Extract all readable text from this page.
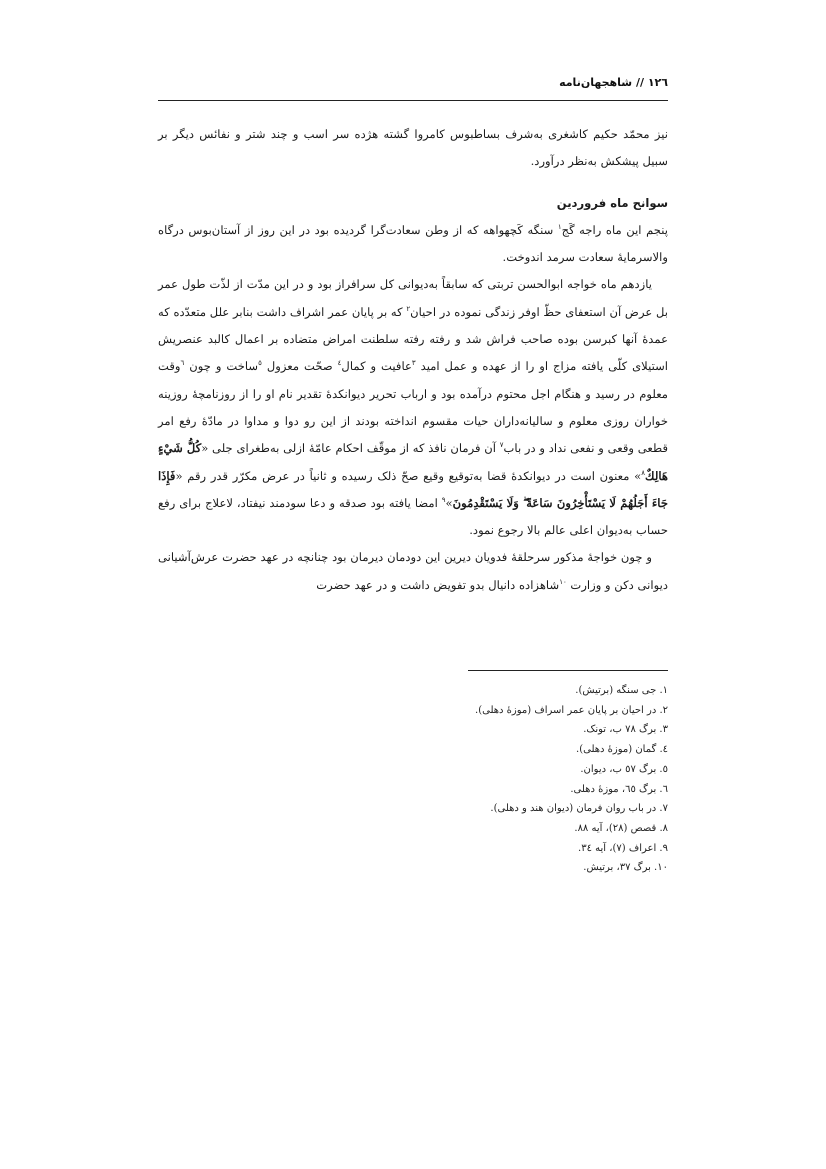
١٢٦ // شاهجهان‌نامه

نیز محمّد حکیم کاشغری به‌شرف بساطبوس کامروا گشته هژده سر اسب و چند شتر و نفائس دیگر بر سبیل پیشکش به‌نظر درآورد.

سوانح ماه فروردین

پنجم این ماه راجه گَج$^١$ سنگه کَچهواهه که از وطن سعادت‌گرا گردیده بود در این روز از آستان‌بوس درگاه والاسرمایهٔ سعادت سرمد اندوخت.

یازدهم ماه خواجه ابوالحسن تربتی که سابقاً به‌دیوانی کل سرافراز بود و در این مدّت از لذّت طول عمر بل عرض آن استعفای حظّ اوفر زندگی نموده در احیان$^٢$ که بر پایان عمر اشراف داشت بنابر علل متعدّده که عمدهٔ آنها کبرسن بوده صاحب فراش شد و رفته رفته سلطنت امراض متضاده بر اعمال کالبد عنصریش استیلای کلّی یافته مزاج او را از عهده و عمل امید $^٣$عافیت و کمال$^٤$ صحّت معزول $^٥$ساخت و چون $^٦$وقت معلوم در رسید و هنگام اجل محتوم درآمده بود و ارباب تحریر دیوانکدهٔ تقدیر نام او را از روزنامچهٔ روزینه خواران روزی معلوم و سالیانه‌داران حیات مقسوم انداخته بودند از این رو دوا و مداوا در مادّهٔ رفع امر قطعی وقعی و نفعی نداد و در باب$^٧$ آن فرمان نافذ که از موقّف احکام عامّهٔ ازلی به‌طغرای جلی «كُلُّ شَيْءٍ هَالِكٌ$^٨$» معنون است در دیوانکدهٔ قضا به‌توقیع وقیع صحّ ذلک رسیده و ثانیاً در عرض مکرّر قدر رقم «فَإِذَا جَاءَ أَجَلُهُمْ لَا يَسْتَأْخِرُونَ سَاعَةً ۖ وَلَا يَسْتَقْدِمُونَ»$^٩$ امضا یافته بود صدقه و دعا سودمند نیفتاد، لاعلاج برای رفع حساب به‌دیوان اعلی عالم بالا رجوع نمود.

و چون خواجهٔ مذکور سرحلقهٔ فدویان دیرین این دودمان دیرمان بود چنانچه در عهد حضرت عرش‌آشیانی دیوانی دکن و وزارت $^{١٠}$شاهزاده دانیال بدو تفویض داشت و در عهد حضرت

١. جی سنگه (برتیش).
٢. در احیان بر پایان عمر اسراف (موزهٔ دهلی).
٣. برگ ٧٨ ب، تونک.
٤. گمان (موزهٔ دهلی).
٥. برگ ٥٧ ب، دیوان.
٦. برگ ٦٥، موزهٔ دهلی.
٧. در باب روان فرمان (دیوان هند و دهلی).
٨. قصص (٢٨)، آیه ٨٨.
٩. اعراف (٧)، آیه ٣٤.
١٠. برگ ٣٧، برتیش.
